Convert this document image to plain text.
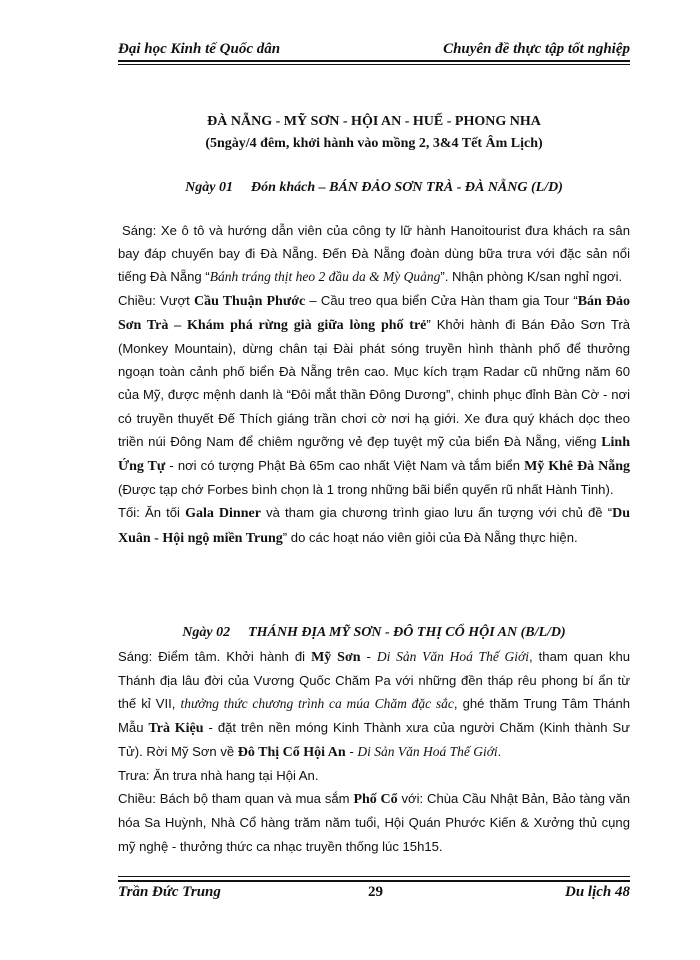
Đại học Kinh tế Quốc dân	Chuyên đề thực tập tốt nghiệp
ĐÀ NẴNG - MỸ SƠN - HỘI AN - HUẾ - PHONG NHA
(5ngày/4 đêm, khởi hành vào mồng 2, 3&4 Tết Âm Lịch)
Ngày 01 Đón khách – BÁN ĐẢO SƠN TRÀ - ĐÀ NẴNG (L/D)

Sáng: Xe ô tô và hướng dẫn viên của công ty lữ hành Hanoitourist đưa khách ra sân bay đáp chuyến bay đi Đà Nẵng. Đến Đà Nẵng đoàn dùng bữa trưa với đặc sản nổi tiếng Đà Nẵng “Bánh tráng thịt heo 2 đầu da & Mỳ Quảng”. Nhận phòng K/san nghỉ ngơi.

Chiều: Vượt Cầu Thuận Phước – Cầu treo qua biển Cửa Hàn tham gia Tour “Bán Đảo Sơn Trà – Khám phá rừng già giữa lòng phố trẻ” Khởi hành đi Bán Đảo Sơn Trà (Monkey Mountain), dừng chân tại Đài phát sóng truyền hình thành phố để thưởng ngoạn toàn cảnh phố biển Đà Nẵng trên cao. Mục kích trạm Radar cũ những năm 60 của Mỹ, được mệnh danh là “Đôi mắt thần Đông Dương”, chinh phục đỉnh Bàn Cờ - nơi có truyền thuyết Đế Thích giáng trần chơi cờ nơi hạ giới. Xe đưa quý khách dọc theo triền núi Đông Nam để chiêm ngưỡng vẻ đẹp tuyệt mỹ của biển Đà Nẵng, viếng Linh Ứng Tự - nơi có tượng Phật Bà 65m cao nhất Việt Nam và tắm biển Mỹ Khê Đà Nẵng (Được tạp chớ Forbes bình chọn là 1 trong những bãi biển quyến rũ nhất Hành Tinh).

Tối: Ăn tối Gala Dinner và tham gia chương trình giao lưu ấn tượng với chủ đề “Du Xuân - Hội ngộ miền Trung” do các hoạt náo viên giỏi của Đà Nẵng thực hiện.

Ngày 02 THÁNH ĐỊA MỸ SƠN - ĐÔ THỊ CỔ HỘI AN (B/L/D)

Sáng: Điểm tâm. Khởi hành đi Mỹ Sơn - Di Sản Văn Hoá Thế Giới, tham quan khu Thánh địa lâu đời của Vương Quốc Chăm Pa với những đền tháp rêu phong bí ẩn từ thế kỉ VII, thưởng thức chương trình ca múa Chăm đặc sắc, ghé thăm Trung Tâm Thánh Mẫu Trà Kiệu - đặt trên nền móng Kinh Thành xưa của người Chăm (Kinh thành Sư Tử). Rời Mỹ Sơn về Đô Thị Cổ Hội An - Di Sản Văn Hoá Thế Giới.

Trưa: Ăn trưa nhà hang tại Hội An.

Chiều: Bách bộ tham quan và mua sắm Phố Cổ với: Chùa Cầu Nhật Bản, Bảo tàng văn hóa Sa Huỳnh, Nhà Cổ hàng trăm năm tuổi, Hội Quán Phước Kiến & Xưởng thủ cụng mỹ nghệ - thưởng thức ca nhạc truyền thống lúc 15h15.

Trần Đức Trung	29	Du lịch 48
